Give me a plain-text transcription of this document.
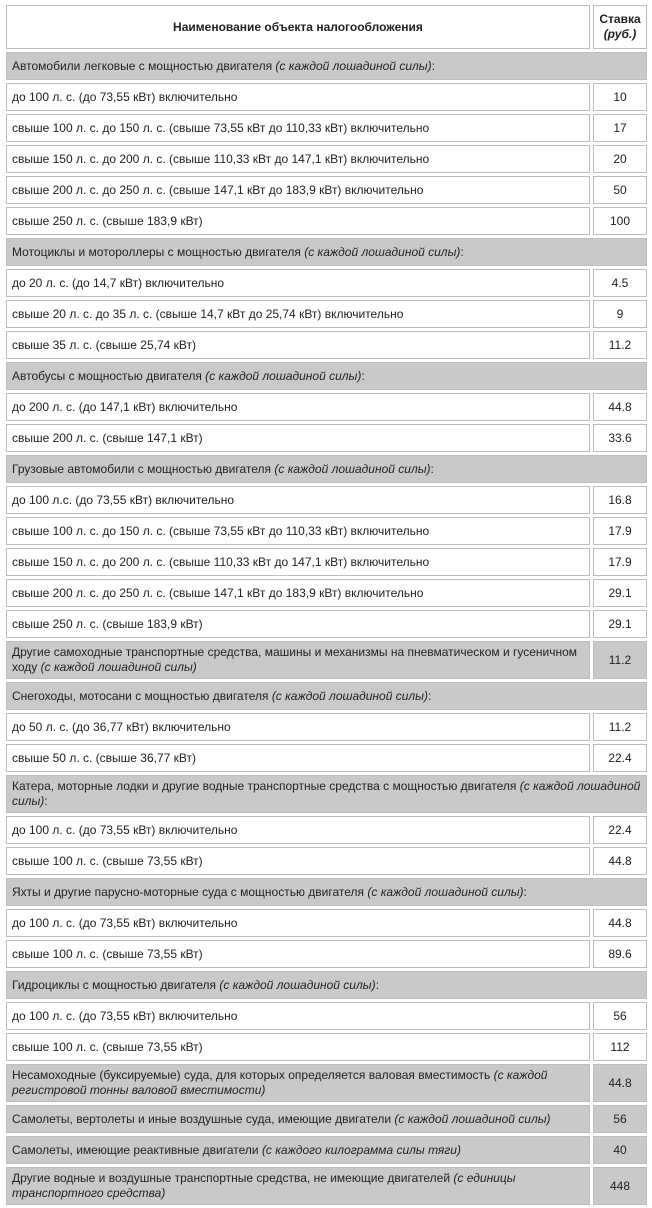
Наименование объекта налогообложения	Ставка
(руб.)
Автомобили легковые с мощностью двигателя (с каждой лошадиной силы):	
до 100 л. с. (до 73,55 кВт) включительно	10
свыше 100 л. с. до 150 л. с. (свыше 73,55 кВт до 110,33 кВт) включительно	17
свыше 150 л. с. до 200 л. с. (свыше 110,33 кВт до 147,1 кВт) включительно	20
свыше 200 л. с. до 250 л. с. (свыше 147,1 кВт до 183,9 кВт) включительно	50
свыше 250 л. с. (свыше 183,9 кВт)	100
Мотоциклы и мотороллеры с мощностью двигателя (с каждой лошадиной силы):	
до 20 л. с. (до 14,7 кВт) включительно	4.5
свыше 20 л. с. до 35 л. с. (свыше 14,7 кВт до 25,74 кВт) включительно	9
свыше 35 л. с. (свыше 25,74 кВт)	11.2
Автобусы с мощностью двигателя (с каждой лошадиной силы):	
до 200 л. с. (до 147,1 кВт) включительно	44.8
свыше 200 л. с. (свыше 147,1 кВт)	33.6
Грузовые автомобили с мощностью двигателя (с каждой лошадиной силы):	
до 100 л.с. (до 73,55 кВт) включительно	16.8
свыше 100 л. с. до 150 л. с. (свыше 73,55 кВт до 110,33 кВт) включительно	17.9
свыше 150 л. с. до 200 л. с. (свыше 110,33 кВт до 147,1 кВт) включительно	17.9
свыше 200 л. с. до 250 л. с. (свыше 147,1 кВт до 183,9 кВт) включительно	29.1
свыше 250 л. с. (свыше 183,9 кВт)	29.1
Другие самоходные транспортные средства, машины и механизмы на пневматическом и гусеничном ходу (с каждой лошадиной силы)	11.2
Снегоходы, мотосани с мощностью двигателя (с каждой лошадиной силы):	
до 50 л. с. (до 36,77 кВт) включительно	11.2
свыше 50 л. с. (свыше 36,77 кВт)	22.4
Катера, моторные лодки и другие водные транспортные средства с мощностью двигателя (с каждой лошадиной силы):	
до 100 л. с. (до 73,55 кВт) включительно	22.4
свыше 100 л. с. (свыше 73,55 кВт)	44.8
Яхты и другие парусно-моторные суда с мощностью двигателя (с каждой лошадиной силы):	
до 100 л. с. (до 73,55 кВт) включительно	44.8
свыше 100 л. с. (свыше 73,55 кВт)	89.6
Гидроциклы с мощностью двигателя (с каждой лошадиной силы):	
до 100 л. с. (до 73,55 кВт) включительно	56
свыше 100 л. с. (свыше 73,55 кВт)	112
Несамоходные (буксируемые) суда, для которых определяется валовая вместимость (с каждой регистровой тонны валовой вместимости)	44.8
Самолеты, вертолеты и иные воздушные суда, имеющие двигатели (с каждой лошадиной силы)	56
Самолеты, имеющие реактивные двигатели (с каждого килограмма силы тяги)	40
Другие водные и воздушные транспортные средства, не имеющие двигателей (с единицы транспортного средства)	448
